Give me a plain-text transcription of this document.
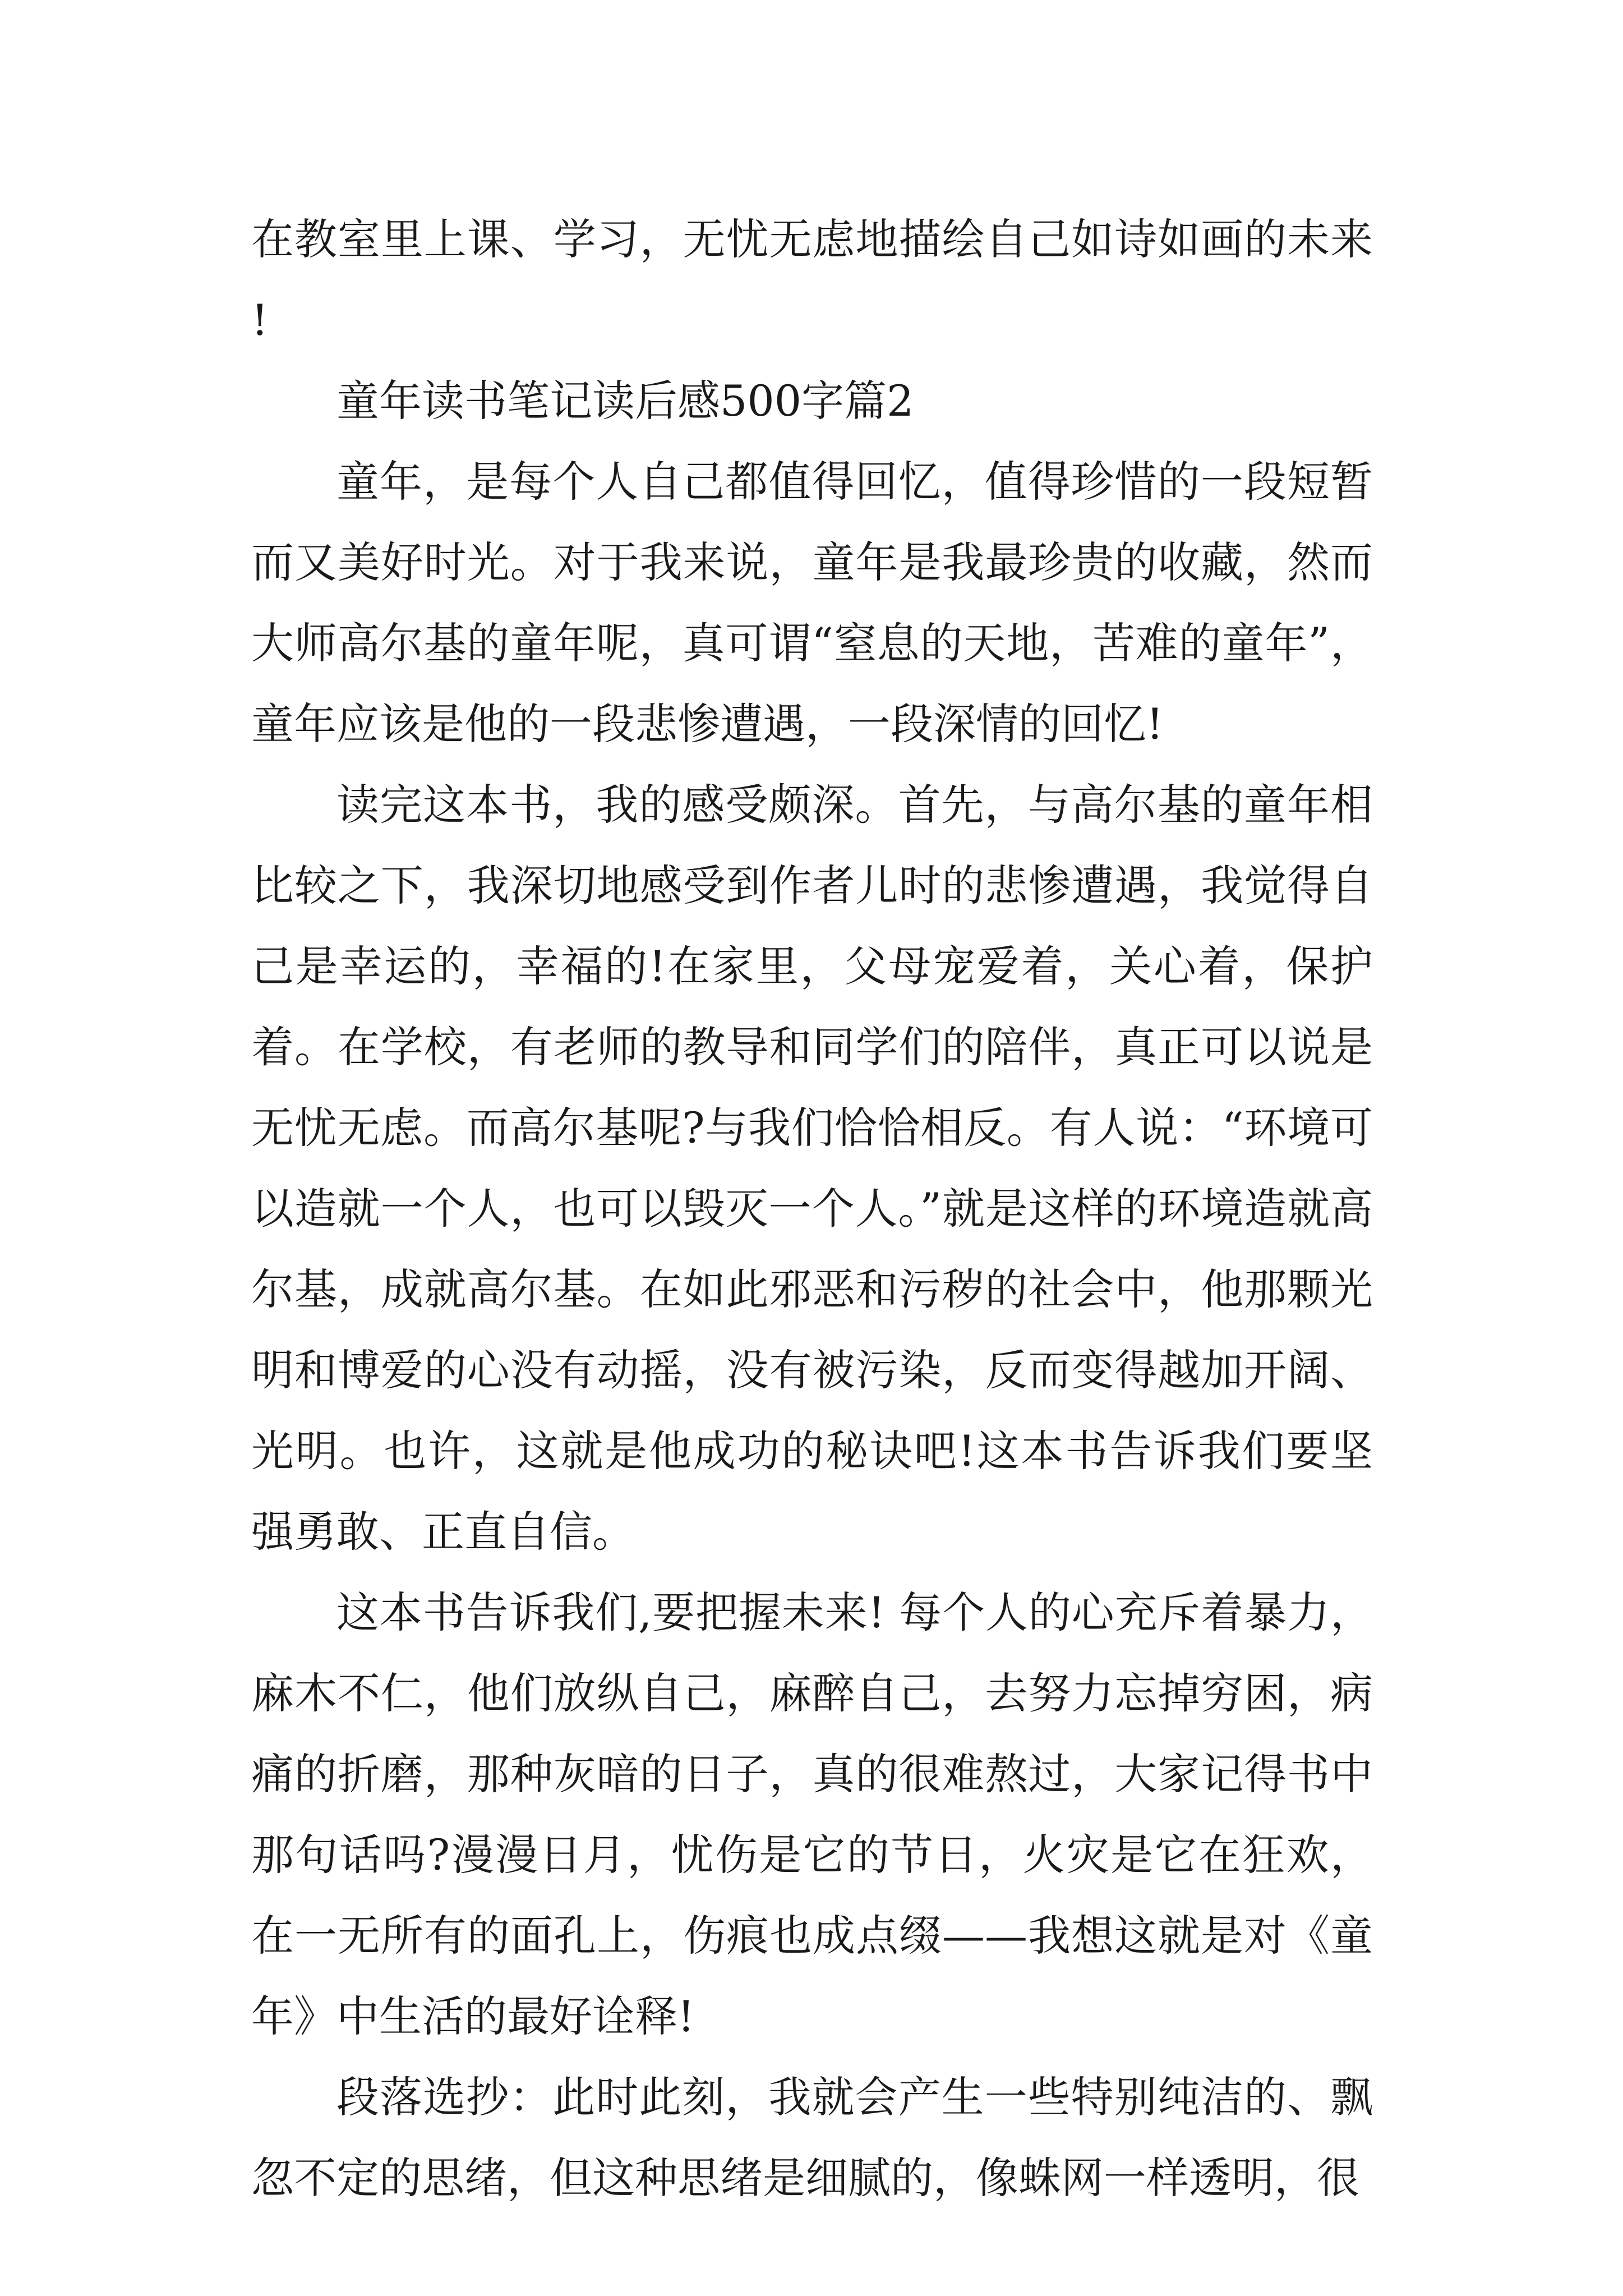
在教室里上课、学习，无忧无虑地描绘自己如诗如画的未来!

童年读书笔记读后感500字篇2

童年，是每个人自己都值得回忆，值得珍惜的一段短暂而又美好时光。对于我来说，童年是我最珍贵的收藏，然而大师高尔基的童年呢，真可谓“窒息的天地，苦难的童年”，童年应该是他的一段悲惨遭遇，一段深情的回忆!

读完这本书，我的感受颇深。首先，与高尔基的童年相比较之下，我深切地感受到作者儿时的悲惨遭遇，我觉得自己是幸运的，幸福的!在家里，父母宠爱着，关心着，保护着。在学校，有老师的教导和同学们的陪伴，真正可以说是无忧无虑。而高尔基呢?与我们恰恰相反。有人说：“环境可以造就一个人，也可以毁灭一个人。”就是这样的环境造就高尔基，成就高尔基。在如此邪恶和污秽的社会中，他那颗光明和博爱的心没有动摇，没有被污染，反而变得越加开阔、光明。也许，这就是他成功的秘诀吧!这本书告诉我们要坚强勇敢、正直自信。

这本书告诉我们,要把握未来! 每个人的心充斥着暴力，麻木不仁，他们放纵自己，麻醉自己，去努力忘掉穷困，病痛的折磨，那种灰暗的日子，真的很难熬过，大家记得书中那句话吗?漫漫日月，忧伤是它的节日，火灾是它在狂欢，在一无所有的面孔上，伤痕也成点缀——我想这就是对《童年》中生活的最好诠释!

段落选抄：此时此刻，我就会产生一些特别纯洁的、飘忽不定的思绪，但这种思绪是细腻的，像蛛网一样透明，很
